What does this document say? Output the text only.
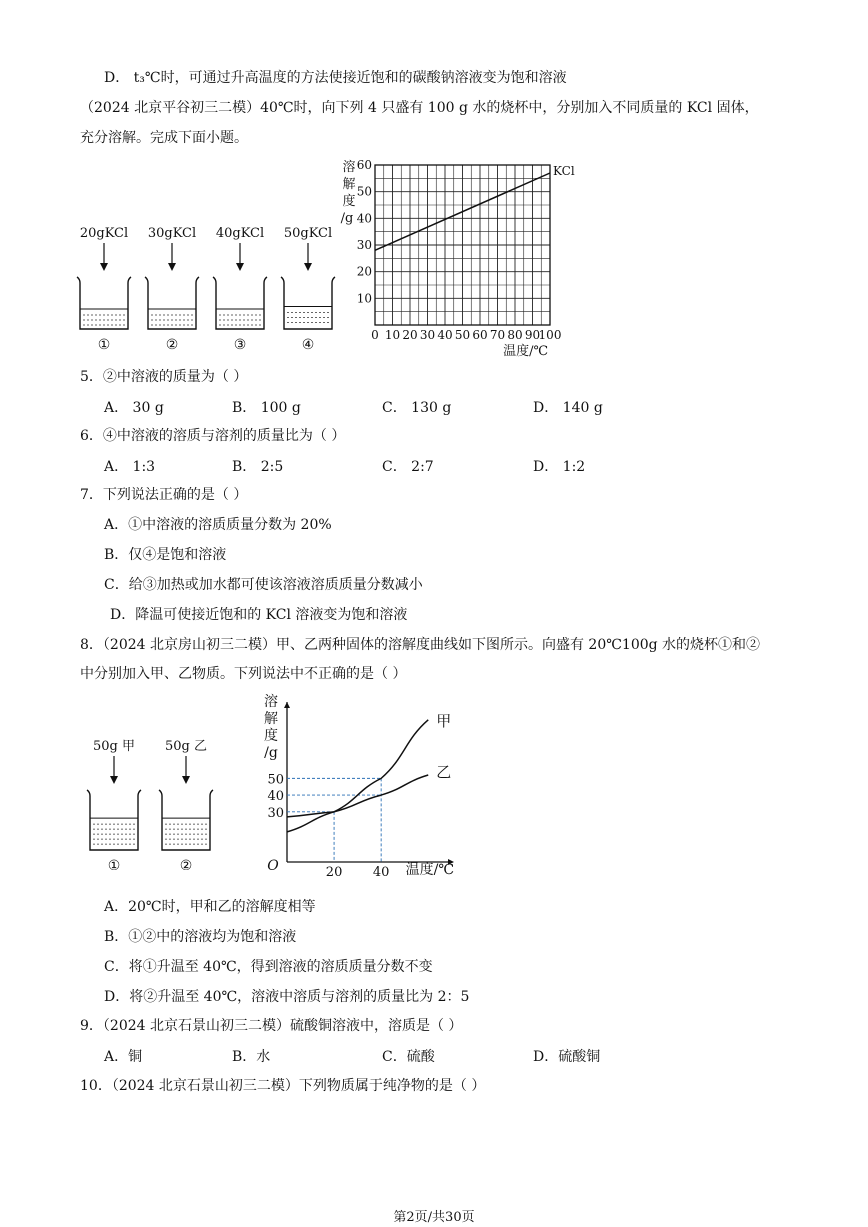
D． t₃℃时，可通过升高温度的方法使接近饱和的碳酸钠溶液变为饱和溶液
（2024 北京平谷初三二模）40℃时，向下列 4 只盛有 100 g 水的烧杯中，分别加入不同质量的 KCl 固体，
充分溶解。完成下面小题。
20gKCl
①
30gKCl
②
40gKCl
③
50gKCl
④
0 10 20 30 40 50 60 70 80 90
100
10
20
30
40
50
60
溶
解
度
/g
温度/℃
KCl
5．②中溶液的质量为（ ）
A． 30 g	B． 100 g	C． 130 g	D． 140 g
6．④中溶液的溶质与溶剂的质量比为（ ）
A． 1:3	B． 2:5	C． 2:7	D． 1:2
7．下列说法正确的是（ ）
A．①中溶液的溶质质量分数为 20%
B．仅④是饱和溶液
C．给③加热或加水都可使该溶液溶质质量分数减小
D．降温可使接近饱和的 KCl 溶液变为饱和溶液
8．（2024 北京房山初三二模）甲、乙两种固体的溶解度曲线如下图所示。向盛有 20℃100g 水的烧杯①和②
中分别加入甲、乙物质。下列说法中不正确的是（ ）
50g 甲
①
50g 乙
②
溶
解
度
/g
温度/℃
O	20 40
30
40
50
甲
乙
A．20℃时，甲和乙的溶解度相等
B．①②中的溶液均为饱和溶液
C．将①升温至 40℃，得到溶液的溶质质量分数不变
D．将②升温至 40℃，溶液中溶质与溶剂的质量比为 2：5
9．（2024 北京石景山初三二模）硫酸铜溶液中，溶质是（ ）
A．铜	B．水	C．硫酸	D．硫酸铜
10．（2024 北京石景山初三二模）下列物质属于纯净物的是（ ）
第2页/共30页
